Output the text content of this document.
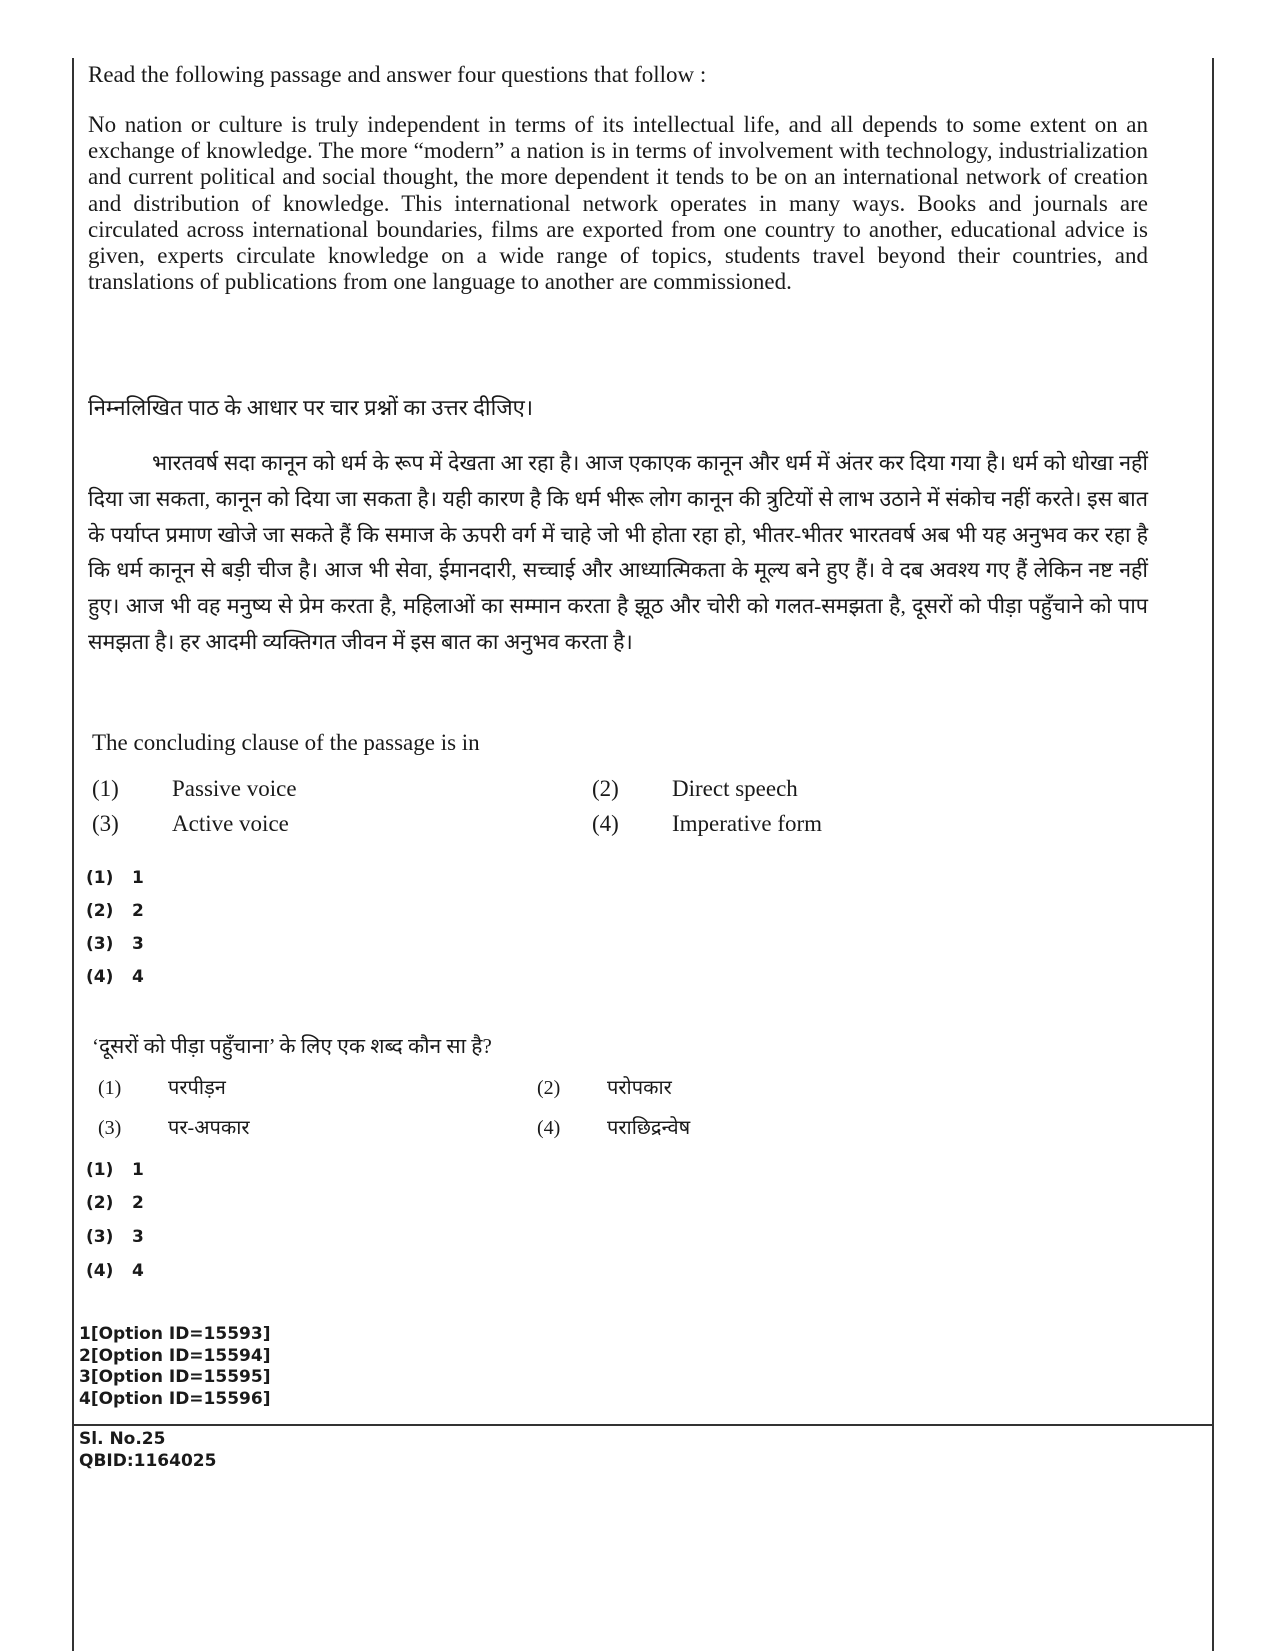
Read the following passage and answer four questions that follow :
No nation or culture is truly independent in terms of its intellectual life, and all depends to some extent on an exchange of knowledge. The more “modern” a nation is in terms of involvement with technology, industrialization and current political and social thought, the more dependent it tends to be on an international network of creation and distribution of knowledge. This international network operates in many ways. Books and journals are circulated across international boundaries, films are exported from one country to another, educational advice is given, experts circulate knowledge on a wide range of topics, students travel beyond their countries, and translations of publications from one language to another are commissioned.
निम्नलिखित पाठ के आधार पर चार प्रश्नों का उत्तर दीजिए।
भारतवर्ष सदा कानून को धर्म के रूप में देखता आ रहा है। आज एकाएक कानून और धर्म में अंतर कर दिया गया है। धर्म को धोखा नहीं दिया जा सकता, कानून को दिया जा सकता है। यही कारण है कि धर्म भीरू लोग कानून की त्रुटियों से लाभ उठाने में संकोच नहीं करते। इस बात के पर्याप्त प्रमाण खोजे जा सकते हैं कि समाज के ऊपरी वर्ग में चाहे जो भी होता रहा हो, भीतर-भीतर भारतवर्ष अब भी यह अनुभव कर रहा है कि धर्म कानून से बड़ी चीज है। आज भी सेवा, ईमानदारी, सच्चाई और आध्यात्मिकता के मूल्य बने हुए हैं। वे दब अवश्य गए हैं लेकिन नष्ट नहीं हुए। आज भी वह मनुष्य से प्रेम करता है, महिलाओं का सम्मान करता है झूठ और चोरी को गलत-समझता है, दूसरों को पीड़ा पहुँचाने को पाप समझता है। हर आदमी व्यक्तिगत जीवन में इस बात का अनुभव करता है।
The concluding clause of the passage is in
(1) Passive voice	(2) Direct speech
(3) Active voice	(4) Imperative form
(1) 1
(2) 2
(3) 3
(4) 4
‘दूसरों को पीड़ा पहुँचाना’ के लिए एक शब्द कौन सा है?
(1) परपीड़न	(2) परोपकार
(3) पर-अपकार	(4) पराछिद्रन्वेष
(1) 1
(2) 2
(3) 3
(4) 4
1[Option ID=15593]
2[Option ID=15594]
3[Option ID=15595]
4[Option ID=15596]
Sl. No.25
QBID:1164025
